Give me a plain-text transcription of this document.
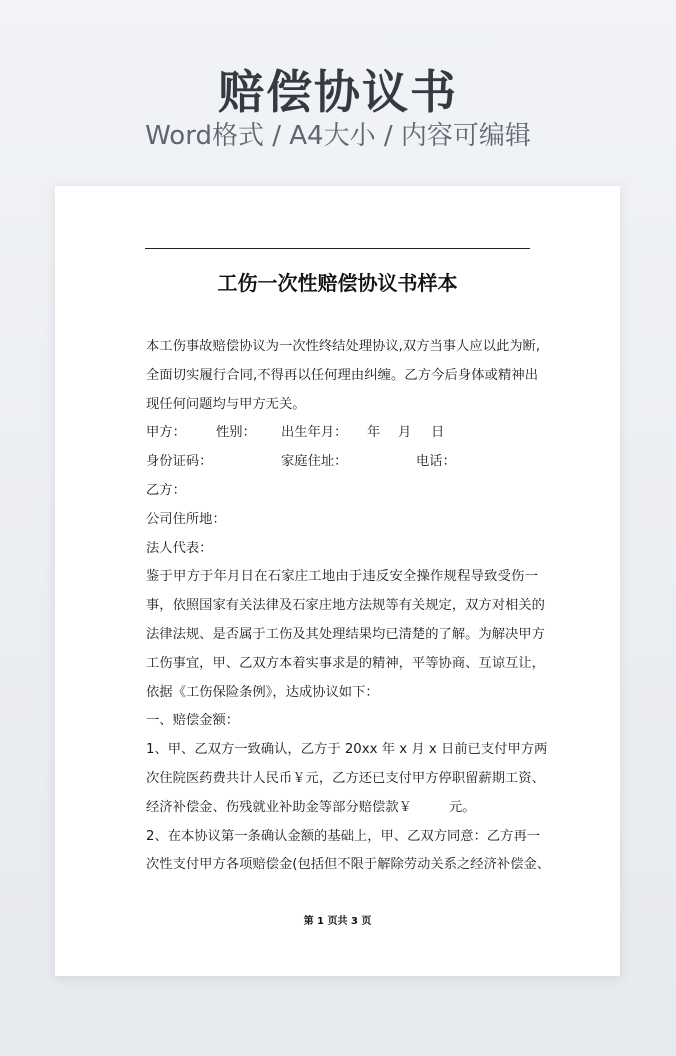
赔偿协议书
Word格式 / A4大小 / 内容可编辑
工伤一次性赔偿协议书样本
本工伤事故赔偿协议为一次性终结处理协议,双方当事人应以此为断,
全面切实履行合同,不得再以任何理由纠缠。乙方今后身体或精神出
现任何问题均与甲方无关。
甲方： 性别： 出生年月： 年 月 日
身份证码：	家庭住址：	电话：
乙方：
公司住所地：
法人代表：
鉴于甲方于年月日在石家庄工地由于违反安全操作规程导致受伤一
事，依照国家有关法律及石家庄地方法规等有关规定，双方对相关的
法律法规、是否属于工伤及其处理结果均已清楚的了解。为解决甲方
工伤事宜，甲、乙双方本着实事求是的精神，平等协商、互谅互让，
依据《工伤保险条例》，达成协议如下：
一、赔偿金额：
1、甲、乙双方一致确认，乙方于 20xx 年 x 月 x 日前已支付甲方两
次住院医药费共计人民币￥元，乙方还已支付甲方停职留薪期工资、
经济补偿金、伤残就业补助金等部分赔偿款￥	元。
2、在本协议第一条确认金额的基础上，甲、乙双方同意：乙方再一
次性支付甲方各项赔偿金(包括但不限于解除劳动关系之经济补偿金、
第 1 页共 3 页
